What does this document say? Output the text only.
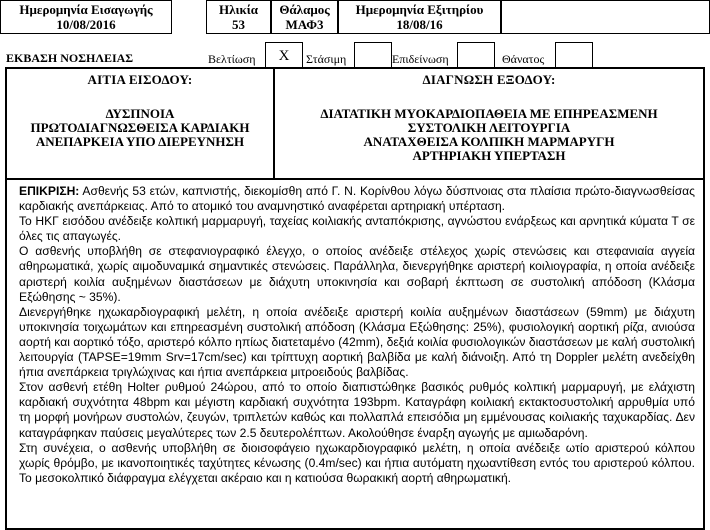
Ημερομηνία Εισαγωγής
10/08/2016
Ηλικία
53
Θάλαμος
ΜΑΦ3
Ημερομηνία Εξιτηρίου
18/08/16
ΕΚΒΑΣΗ ΝΟΣΗΛΕΙΑΣ	Βελτίωση	Χ	Στάσιμη	Επιδείνωση	Θάνατος
ΑΙΤΙΑ ΕΙΣΟΔΟΥ:
ΔΥΣΠΝΟΙΑ
ΠΡΩΤΟΔΙΑΓΝΩΣΘΕΙΣΑ ΚΑΡΔΙΑΚΗ
ΑΝΕΠΑΡΚΕΙΑ ΥΠΟ ΔΙΕΡΕΥΝΗΣΗ
ΔΙΑΓΝΩΣΗ ΕΞΟΔΟΥ:
ΔΙΑΤΑΤΙΚΗ ΜΥΟΚΑΡΔΙΟΠΑΘΕΙΑ ΜΕ ΕΠΗΡΕΑΣΜΕΝΗ
ΣΥΣΤΟΛΙΚΗ ΛΕΙΤΟΥΡΓΙΑ
ΑΝΑΤΑΧΘΕΙΣΑ ΚΟΛΠΙΚΗ ΜΑΡΜΑΡΥΓΗ
ΑΡΤΗΡΙΑΚΗ ΥΠΕΡΤΑΣΗ

ΕΠΙΚΡΙΣΗ: Ασθενής 53 ετών, καπνιστής, διεκομίσθη από Γ. Ν. Κορίνθου λόγω δύσπνοιας στα πλαίσια πρώτο-διαγνωσθείσας καρδιακής ανεπάρκειας. Από το ατομικό του αναμνηστικό αναφέρεται αρτηριακή υπέρταση.

Το ΗΚΓ εισόδου ανέδειξε κολπική μαρμαρυγή, ταχείας κοιλιακής ανταπόκρισης, αγνώστου ενάρξεως και αρνητικά κύματα Τ σε όλες τις απαγωγές.

Ο ασθενής υποβλήθη σε στεφανιογραφικό έλεγχο, ο οποίος ανέδειξε στέλεχος χωρίς στενώσεις και στεφανιαία αγγεία αθηρωματικά, χωρίς αιμοδυναμικά σημαντικές στενώσεις. Παράλληλα, διενεργήθηκε αριστερή κοιλιογραφία, η οποία ανέδειξε αριστερή κοιλία αυξημένων διαστάσεων με διάχυτη υποκινησία και σοβαρή έκπτωση σε συστολική απόδοση (Κλάσμα Εξώθησης ~ 35%).

Διενεργήθηκε ηχωκαρδιογραφική μελέτη, η οποία ανέδειξε αριστερή κοιλία αυξημένων διαστάσεων (59mm) με διάχυτη υποκινησία τοιχωμάτων και επηρεασμένη συστολική απόδοση (Κλάσμα Εξώθησης: 25%), φυσιολογική αορτική ρίζα, ανιούσα αορτή και αορτικό τόξο, αριστερό κόλπο ηπίως διατεταμένο (42mm), δεξιά κοιλία φυσιολογικών διαστάσεων με καλή συστολική λειτουργία (TAPSE=19mm Srv=17cm/sec) και τρίπτυχη αορτική βαλβίδα με καλή διάνοιξη. Από τη Doppler μελέτη ανεδείχθη ήπια ανεπάρκεια τριγλώχινας και ήπια ανεπάρκεια μιτροειδούς βαλβίδας.

Στον ασθενή ετέθη Holter ρυθμού 24ώρου, από το οποίο διαπιστώθηκε βασικός ρυθμός κολπική μαρμαρυγή, με ελάχιστη καρδιακή συχνότητα 48bpm και μέγιστη καρδιακή συχνότητα 193bpm. Καταγράφη κοιλιακή εκτακτοσυστολική αρρυθμία υπό τη μορφή μονήρων συστολών, ζευγών, τριπλετών καθώς και πολλαπλά επεισόδια μη εμμένουσας κοιλιακής ταχυκαρδίας. Δεν καταγράφηκαν παύσεις μεγαλύτερες των 2.5 δευτερολέπτων. Ακολούθησε έναρξη αγωγής με αμιωδαρόνη.

Στη συνέχεια, ο ασθενής υποβλήθη σε διοισοφάγειο ηχωκαρδιογραφικό μελέτη, η οποία ανέδειξε ωτίο αριστερού κόλπου χωρίς θρόμβο, με ικανοποιητικές ταχύτητες κένωσης (0.4m/sec) και ήπια αυτόματη ηχωαντίθεση εντός του αριστερού κόλπου. Το μεσοκολπικό διάφραγμα ελέγχεται ακέραιο και η κατιούσα θωρακική αορτή αθηρωματική.
